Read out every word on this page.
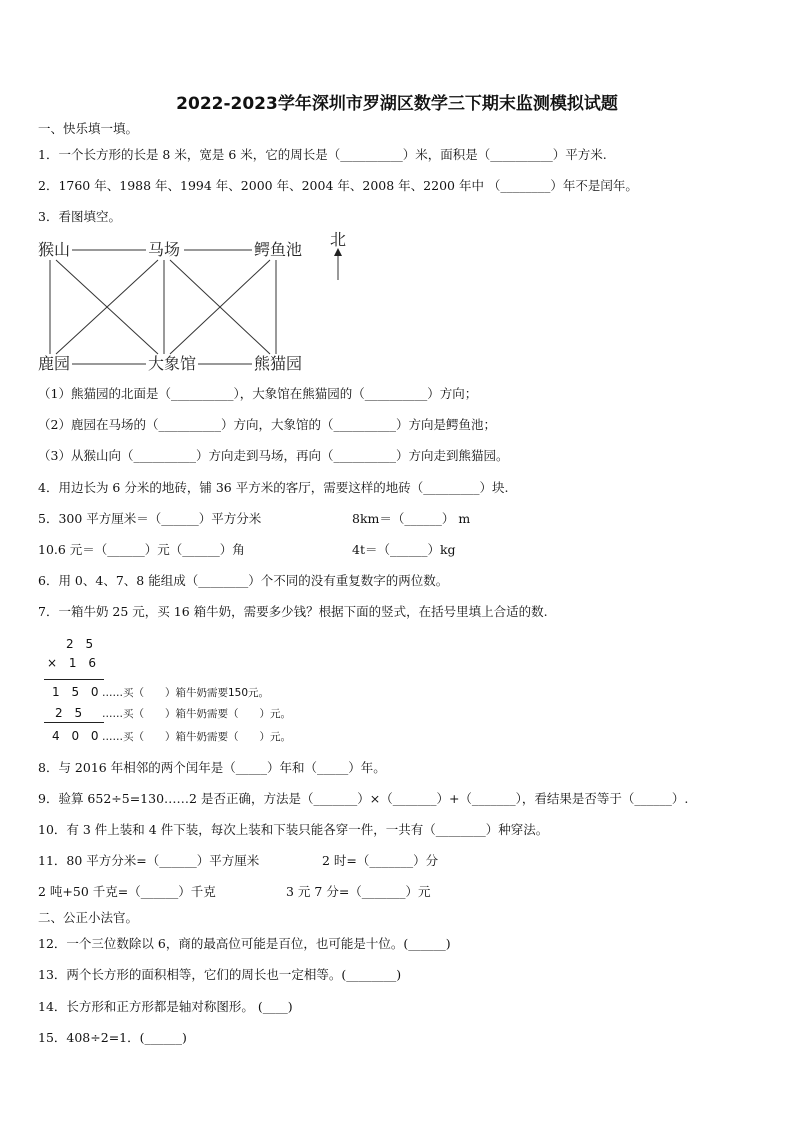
2022-2023学年深圳市罗湖区数学三下期末监测模拟试题
一、快乐填一填。
1．一个长方形的长是 8 米，宽是 6 米，它的周长是（__________）米，面积是（__________）平方米.
2．1760 年、1988 年、1994 年、2000 年、2004 年、2008 年、2200 年中 （________）年不是闰年。
3．看图填空。
北
猴山	马场	鳄鱼池
鹿园	大象馆	熊猫园
（1）熊猫园的北面是（__________），大象馆在熊猫园的（__________）方向；
（2）鹿园在马场的（__________）方向，大象馆的（__________）方向是鳄鱼池；
（3）从猴山向（__________）方向走到马场，再向（__________）方向走到熊猫园。
4．用边长为 6 分米的地砖，铺 36 平方米的客厅，需要这样的地砖（_________）块.
5．300 平方厘米＝（______）平方分米	8km＝（______） m
10.6 元＝（______）元（______）角	4t＝（______）kg
6．用 0、4、7、8 能组成（________）个不同的没有重复数字的两位数。
7．一箱牛奶 25 元，买 16 箱牛奶，需要多少钱？根据下面的竖式，在括号里填上合适的数.
2 5
× 1 6
1 5 0 ……买（　　）箱牛奶需要150元。
2 5 ……买（　　）箱牛奶需要（　　）元。
4 0 0 ……买（　　）箱牛奶需要（　　）元。
8．与 2016 年相邻的两个闰年是（_____）年和（_____）年。
9．验算 652÷5=130……2 是否正确，方法是（_______）×（_______）+（_______），看结果是否等于（______）.
10．有 3 件上装和 4 件下装，每次上装和下装只能各穿一件，一共有（________）种穿法。
11．80 平方分米=（______）平方厘米	2 时=（_______）分
2 吨+50 千克=（______）千克	3 元 7 分=（_______）元
二、公正小法官。
12．一个三位数除以 6，商的最高位可能是百位，也可能是十位。(______)
13．两个长方形的面积相等，它们的周长也一定相等。(________)
14．长方形和正方形都是轴对称图形。 (____)
15．408÷2=1．(______)
